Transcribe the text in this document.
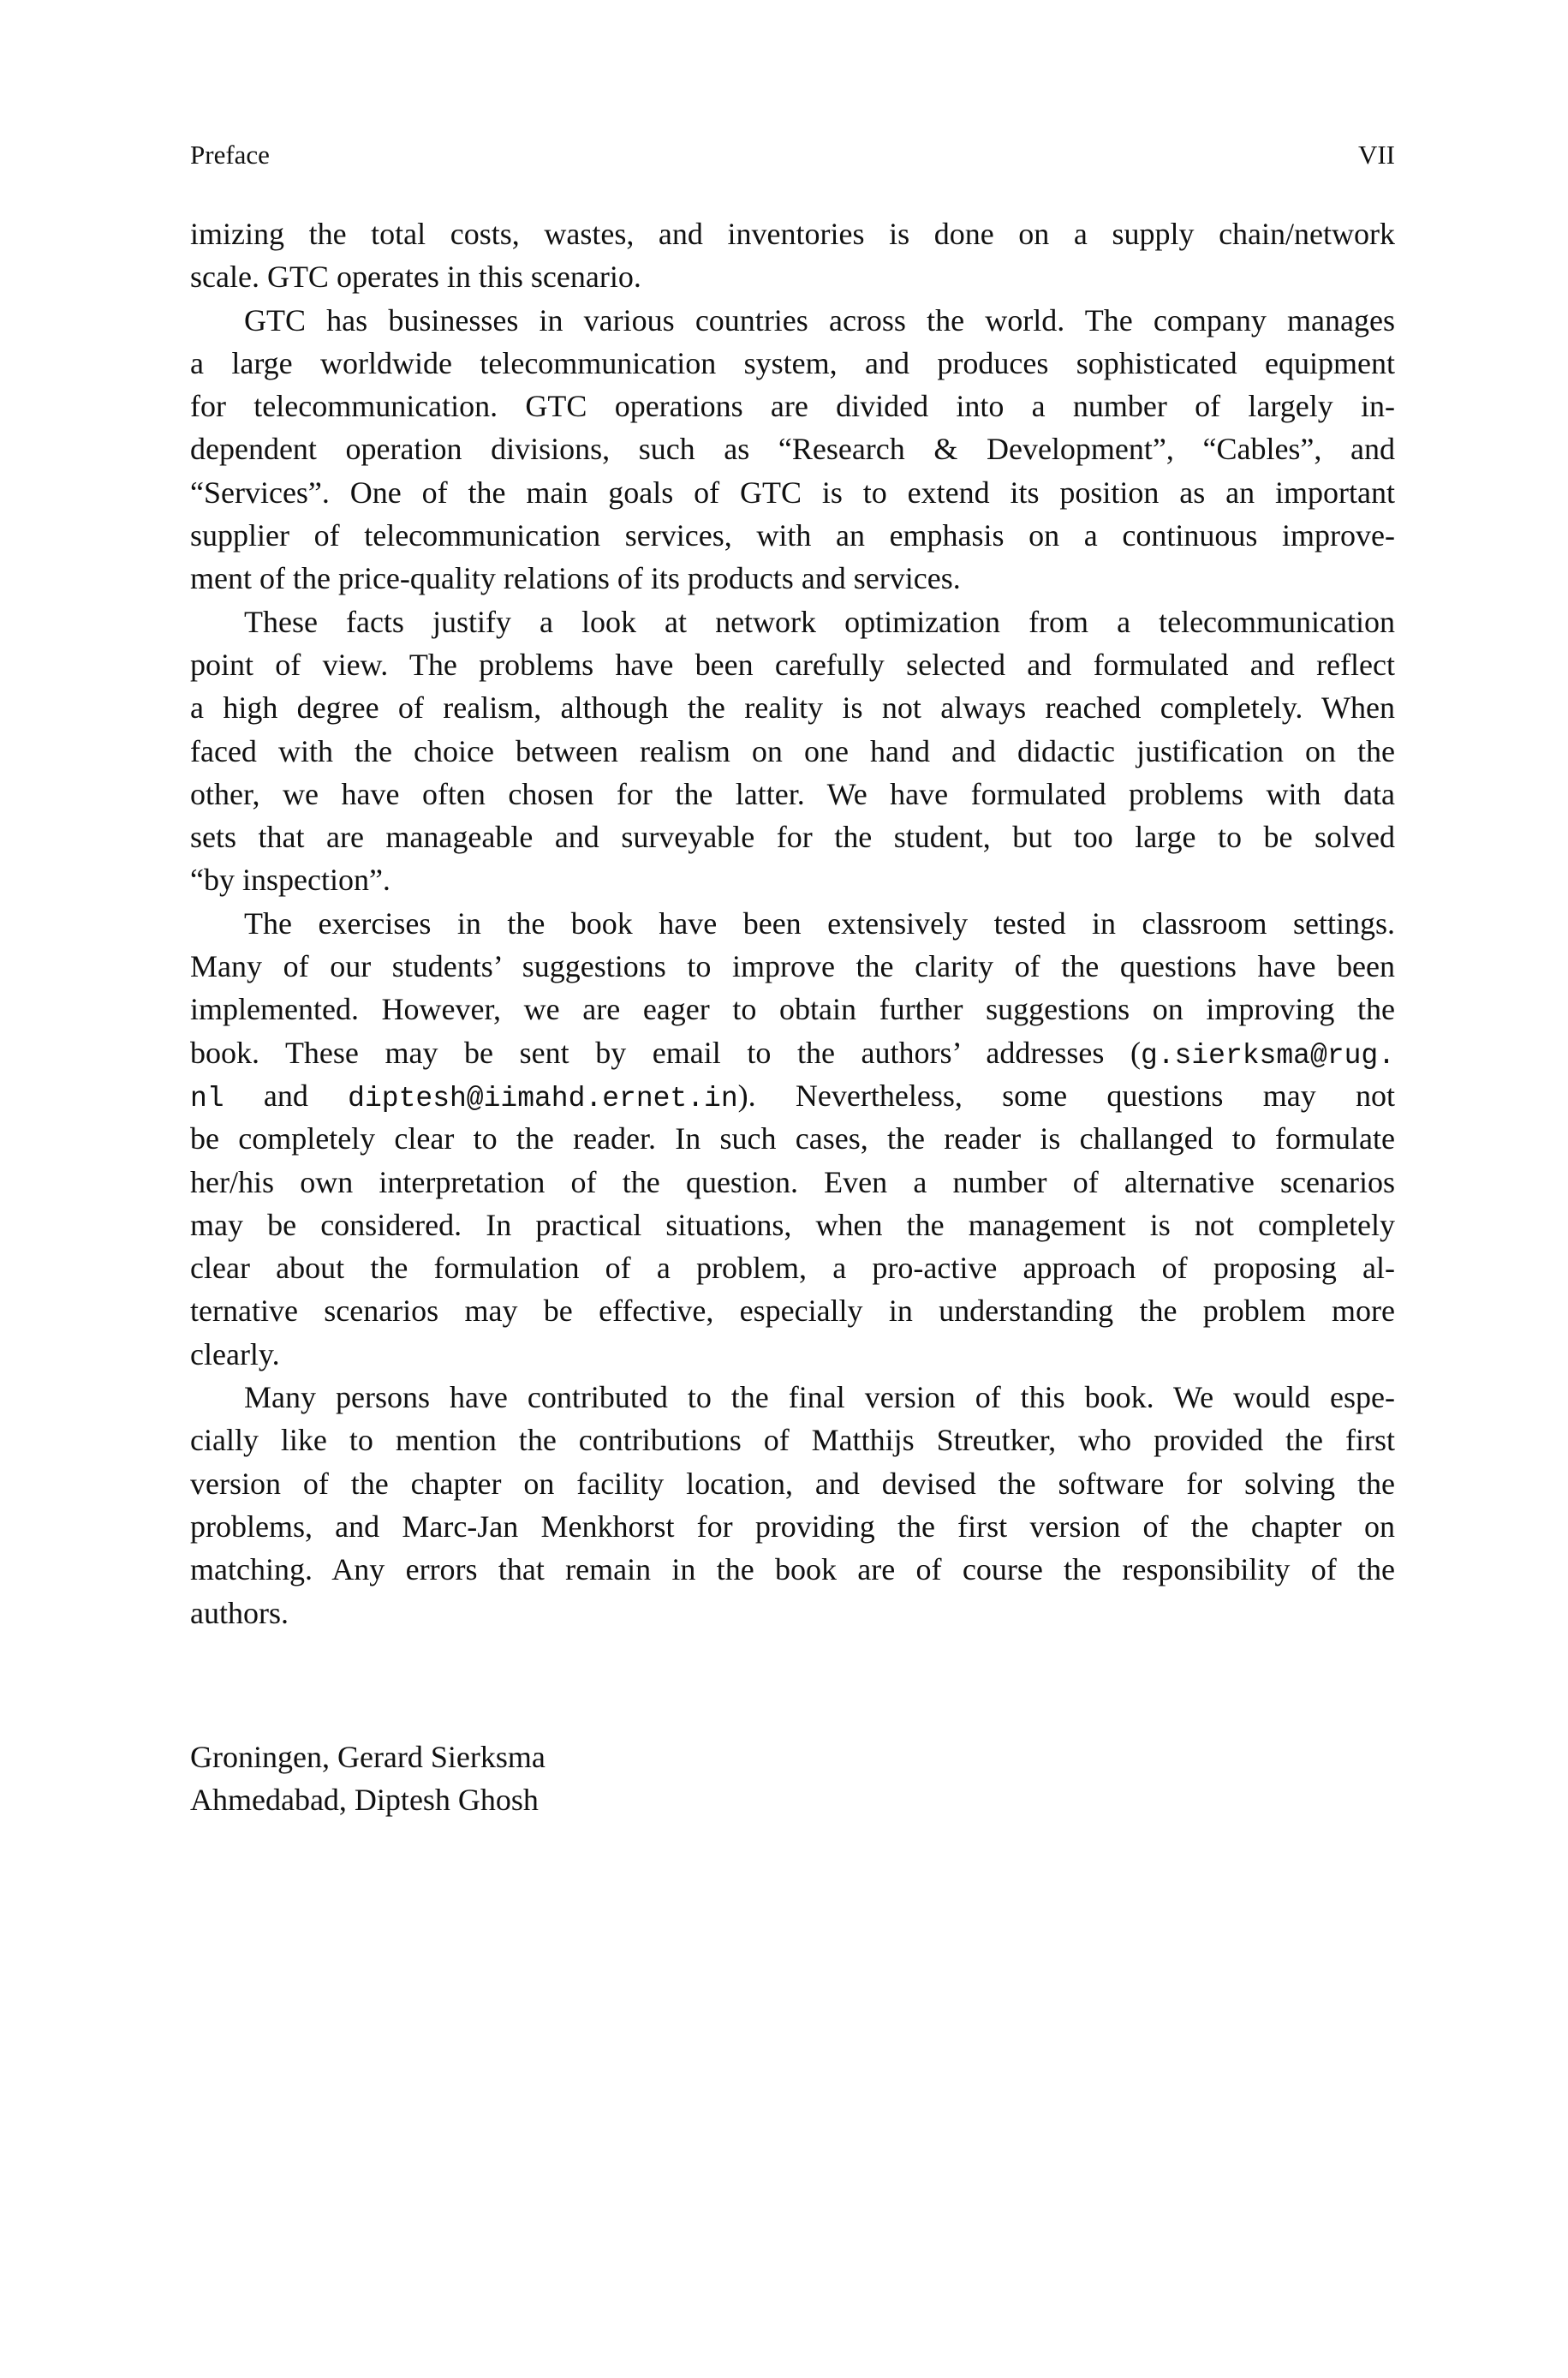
Preface	VII
imizing the total costs, wastes, and inventories is done on a supply chain/network
scale. GTC operates in this scenario.
GTC has businesses in various countries across the world. The company manages
a large worldwide telecommunication system, and produces sophisticated equipment
for telecommunication. GTC operations are divided into a number of largely in-
dependent operation divisions, such as “Research & Development”, “Cables”, and
“Services”. One of the main goals of GTC is to extend its position as an important
supplier of telecommunication services, with an emphasis on a continuous improve-
ment of the price-quality relations of its products and services.
These facts justify a look at network optimization from a telecommunication
point of view. The problems have been carefully selected and formulated and reflect
a high degree of realism, although the reality is not always reached completely. When
faced with the choice between realism on one hand and didactic justification on the
other, we have often chosen for the latter. We have formulated problems with data
sets that are manageable and surveyable for the student, but too large to be solved
“by inspection”.
The exercises in the book have been extensively tested in classroom settings.
Many of our students’ suggestions to improve the clarity of the questions have been
implemented. However, we are eager to obtain further suggestions on improving the
book. These may be sent by email to the authors’ addresses (g.sierksma@rug.
nl and diptesh@iimahd.ernet.in). Nevertheless, some questions may not
be completely clear to the reader. In such cases, the reader is challanged to formulate
her/his own interpretation of the question. Even a number of alternative scenarios
may be considered. In practical situations, when the management is not completely
clear about the formulation of a problem, a pro-active approach of proposing al-
ternative scenarios may be effective, especially in understanding the problem more
clearly.
Many persons have contributed to the final version of this book. We would espe-
cially like to mention the contributions of Matthijs Streutker, who provided the first
version of the chapter on facility location, and devised the software for solving the
problems, and Marc-Jan Menkhorst for providing the first version of the chapter on
matching. Any errors that remain in the book are of course the responsibility of the
authors.
Groningen, Gerard Sierksma
Ahmedabad, Diptesh Ghosh
